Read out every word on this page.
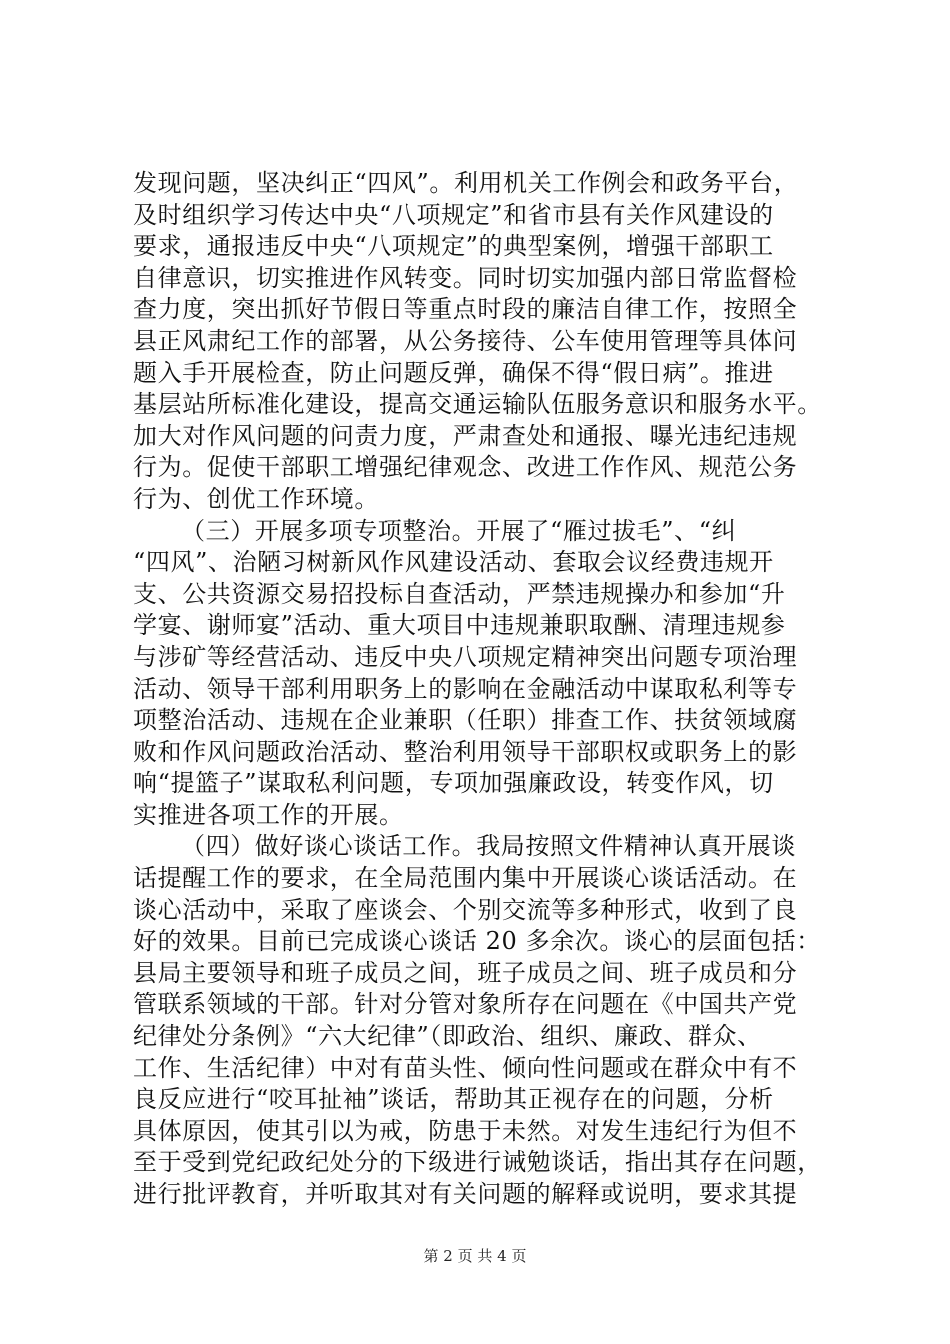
发现问题，坚决纠正“四风”。利用机关工作例会和政务平台，
及时组织学习传达中央“八项规定”和省市县有关作风建设的
要求，通报违反中央“八项规定”的典型案例，增强干部职工
自律意识，切实推进作风转变。同时切实加强内部日常监督检
查力度，突出抓好节假日等重点时段的廉洁自律工作，按照全
县正风肃纪工作的部署，从公务接待、公车使用管理等具体问
题入手开展检查，防止问题反弹，确保不得“假日病”。推进
基层站所标准化建设，提高交通运输队伍服务意识和服务水平。
加大对作风问题的问责力度，严肃查处和通报、曝光违纪违规
行为。促使干部职工增强纪律观念、改进工作作风、规范公务
行为、创优工作环境。
（三）开展多项专项整治。开展了“雁过拔毛”、“纠
“四风”、治陋习树新风作风建设活动、套取会议经费违规开
支、公共资源交易招投标自查活动，严禁违规操办和参加“升
学宴、谢师宴”活动、重大项目中违规兼职取酬、清理违规参
与涉矿等经营活动、违反中央八项规定精神突出问题专项治理
活动、领导干部利用职务上的影响在金融活动中谋取私利等专
项整治活动、违规在企业兼职（任职）排查工作、扶贫领域腐
败和作风问题政治活动、整治利用领导干部职权或职务上的影
响“提篮子”谋取私利问题，专项加强廉政设，转变作风，切
实推进各项工作的开展。
（四）做好谈心谈话工作。我局按照文件精神认真开展谈
话提醒工作的要求，在全局范围内集中开展谈心谈话活动。在
谈心活动中，采取了座谈会、个别交流等多种形式，收到了良
好的效果。目前已完成谈心谈话 20 多余次。谈心的层面包括：
县局主要领导和班子成员之间，班子成员之间、班子成员和分
管联系领域的干部。针对分管对象所存在问题在《中国共产党
纪律处分条例》“六大纪律”（即政治、组织、廉政、群众、
工作、生活纪律）中对有苗头性、倾向性问题或在群众中有不
良反应进行“咬耳扯袖”谈话，帮助其正视存在的问题，分析
具体原因，使其引以为戒，防患于未然。对发生违纪行为但不
至于受到党纪政纪处分的下级进行诫勉谈话，指出其存在问题，
进行批评教育，并听取其对有关问题的解释或说明，要求其提
第 2 页 共 4 页
